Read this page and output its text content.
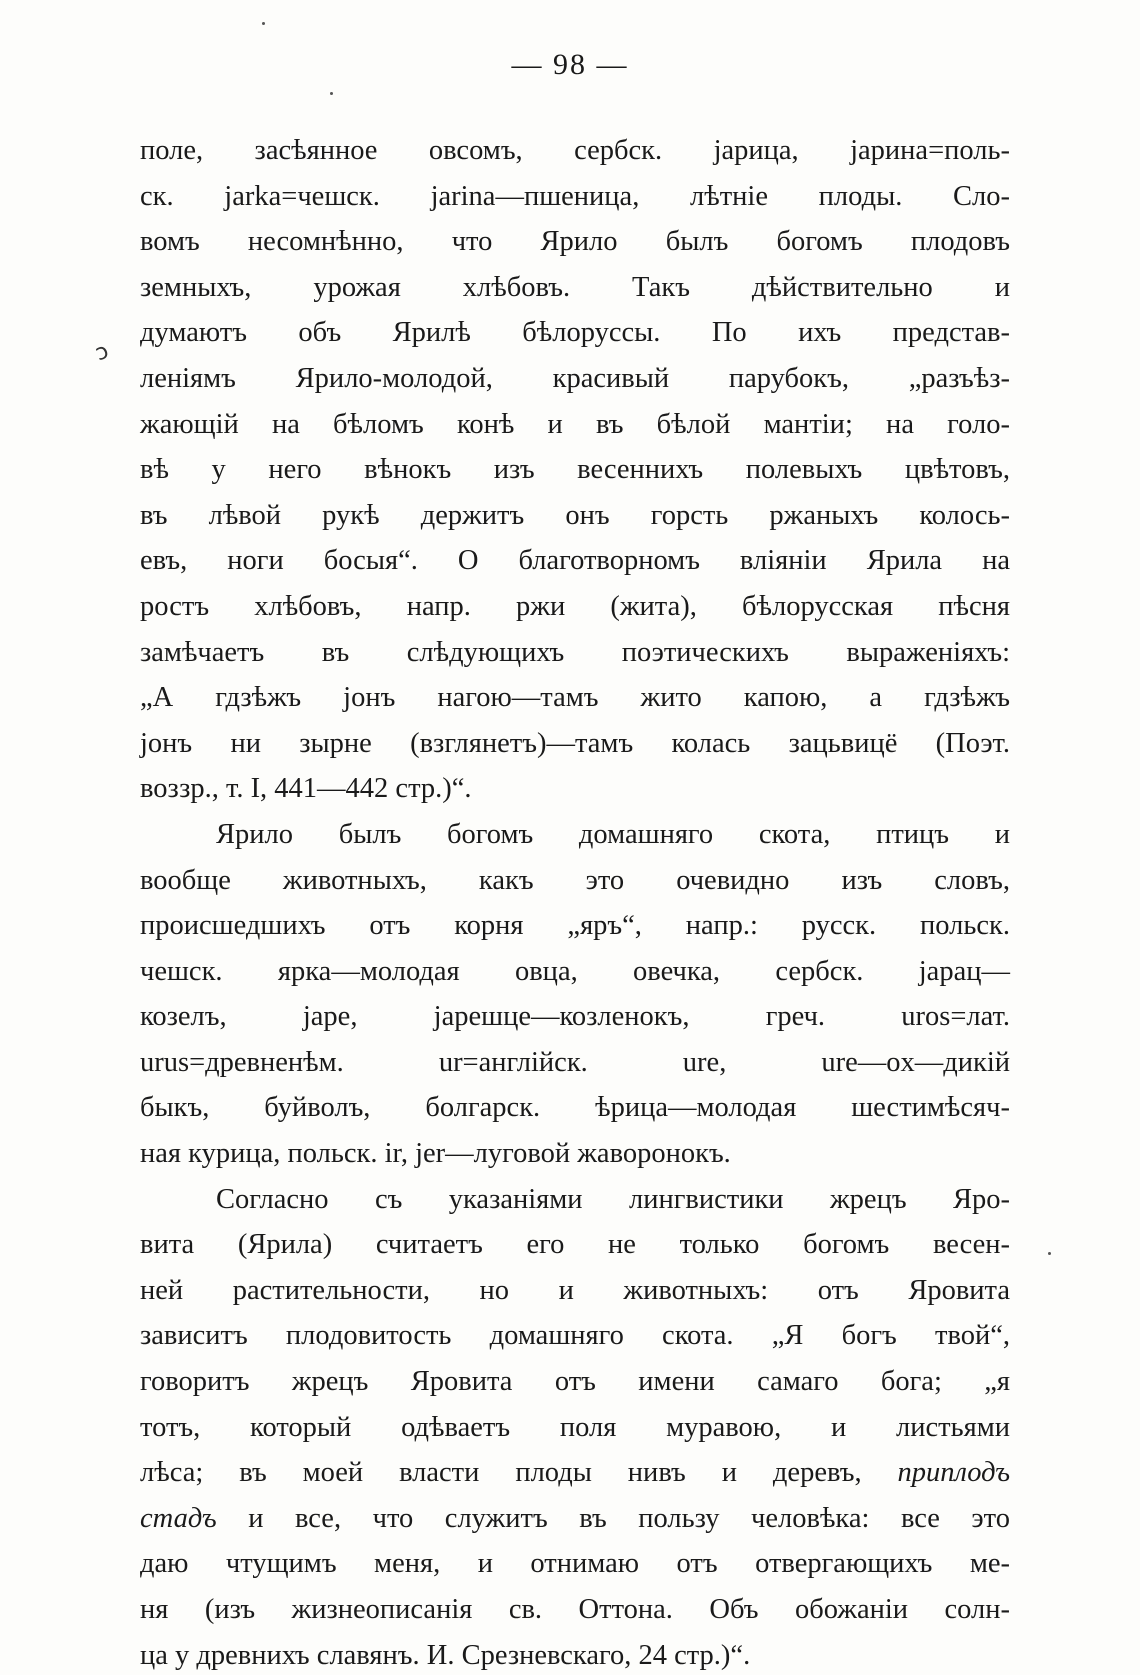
— 98 —
ɔ
поле, засѣянное овсомъ, сербск. јарица, јарина=поль-
ск. jarka=чешск. jarina—пшеница, лѣтніе плоды. Сло-
вомъ несомнѣнно, что Ярило былъ богомъ плодовъ
земныхъ, урожая хлѣбовъ. Такъ дѣйствительно и
думаютъ объ Ярилѣ бѣлоруссы. По ихъ представ-
леніямъ Ярило-молодой, красивый парубокъ, „разъѣз-
жающій на бѣломъ конѣ и въ бѣлой мантіи; на голо-
вѣ у него вѣнокъ изъ весеннихъ полевыхъ цвѣтовъ,
въ лѣвой рукѣ держитъ онъ горсть ржаныхъ колось-
евъ, ноги босыя“. О благотворномъ вліяніи Ярила на
ростъ хлѣбовъ, напр. ржи (жита), бѣлорусская пѣсня
замѣчаетъ въ слѣдующихъ поэтическихъ выраженіяхъ:
„А гдзѣжъ јонъ нагою—тамъ жито капою, а гдзѣжъ
јонъ ни зырне (взглянетъ)—тамъ колась зацьвицё (Поэт.
воззр., т. I, 441—442 стр.)“.
Ярило былъ богомъ домашняго скота, птицъ и
вообще животныхъ, какъ это очевидно изъ словъ,
происшедшихъ отъ корня „яръ“, напр.: русск. польск.
чешск. ярка—молодая овца, овечка, сербск. јарац—
козелъ, јаре, јарешце—козленокъ, греч. uros=лат.
urus=древненѣм. ur=англійск. ure, ure—ox—дикій
быкъ, буйволъ, болгарск. ѣрица—молодая шестимѣсяч-
ная курица, польск. ir, jer—луговой жаворонокъ.
Согласно съ указаніями лингвистики жрецъ Яро-
вита (Ярила) считаетъ его не только богомъ весен-
ней растительности, но и животныхъ: отъ Яровита
зависитъ плодовитость домашняго скота. „Я богъ твой“,
говоритъ жрецъ Яровита отъ имени самаго бога; „я
тотъ, который одѣваетъ поля муравою, и листьями
лѣса; въ моей власти плоды нивъ и деревъ, приплодъ
стадъ и все, что служитъ въ пользу человѣка: все это
даю чтущимъ меня, и отнимаю отъ отвергающихъ ме-
ня (изъ жизнеописанія св. Оттона. Объ обожаніи солн-
ца у древнихъ славянъ. И. Срезневскаго, 24 стр.)“.
